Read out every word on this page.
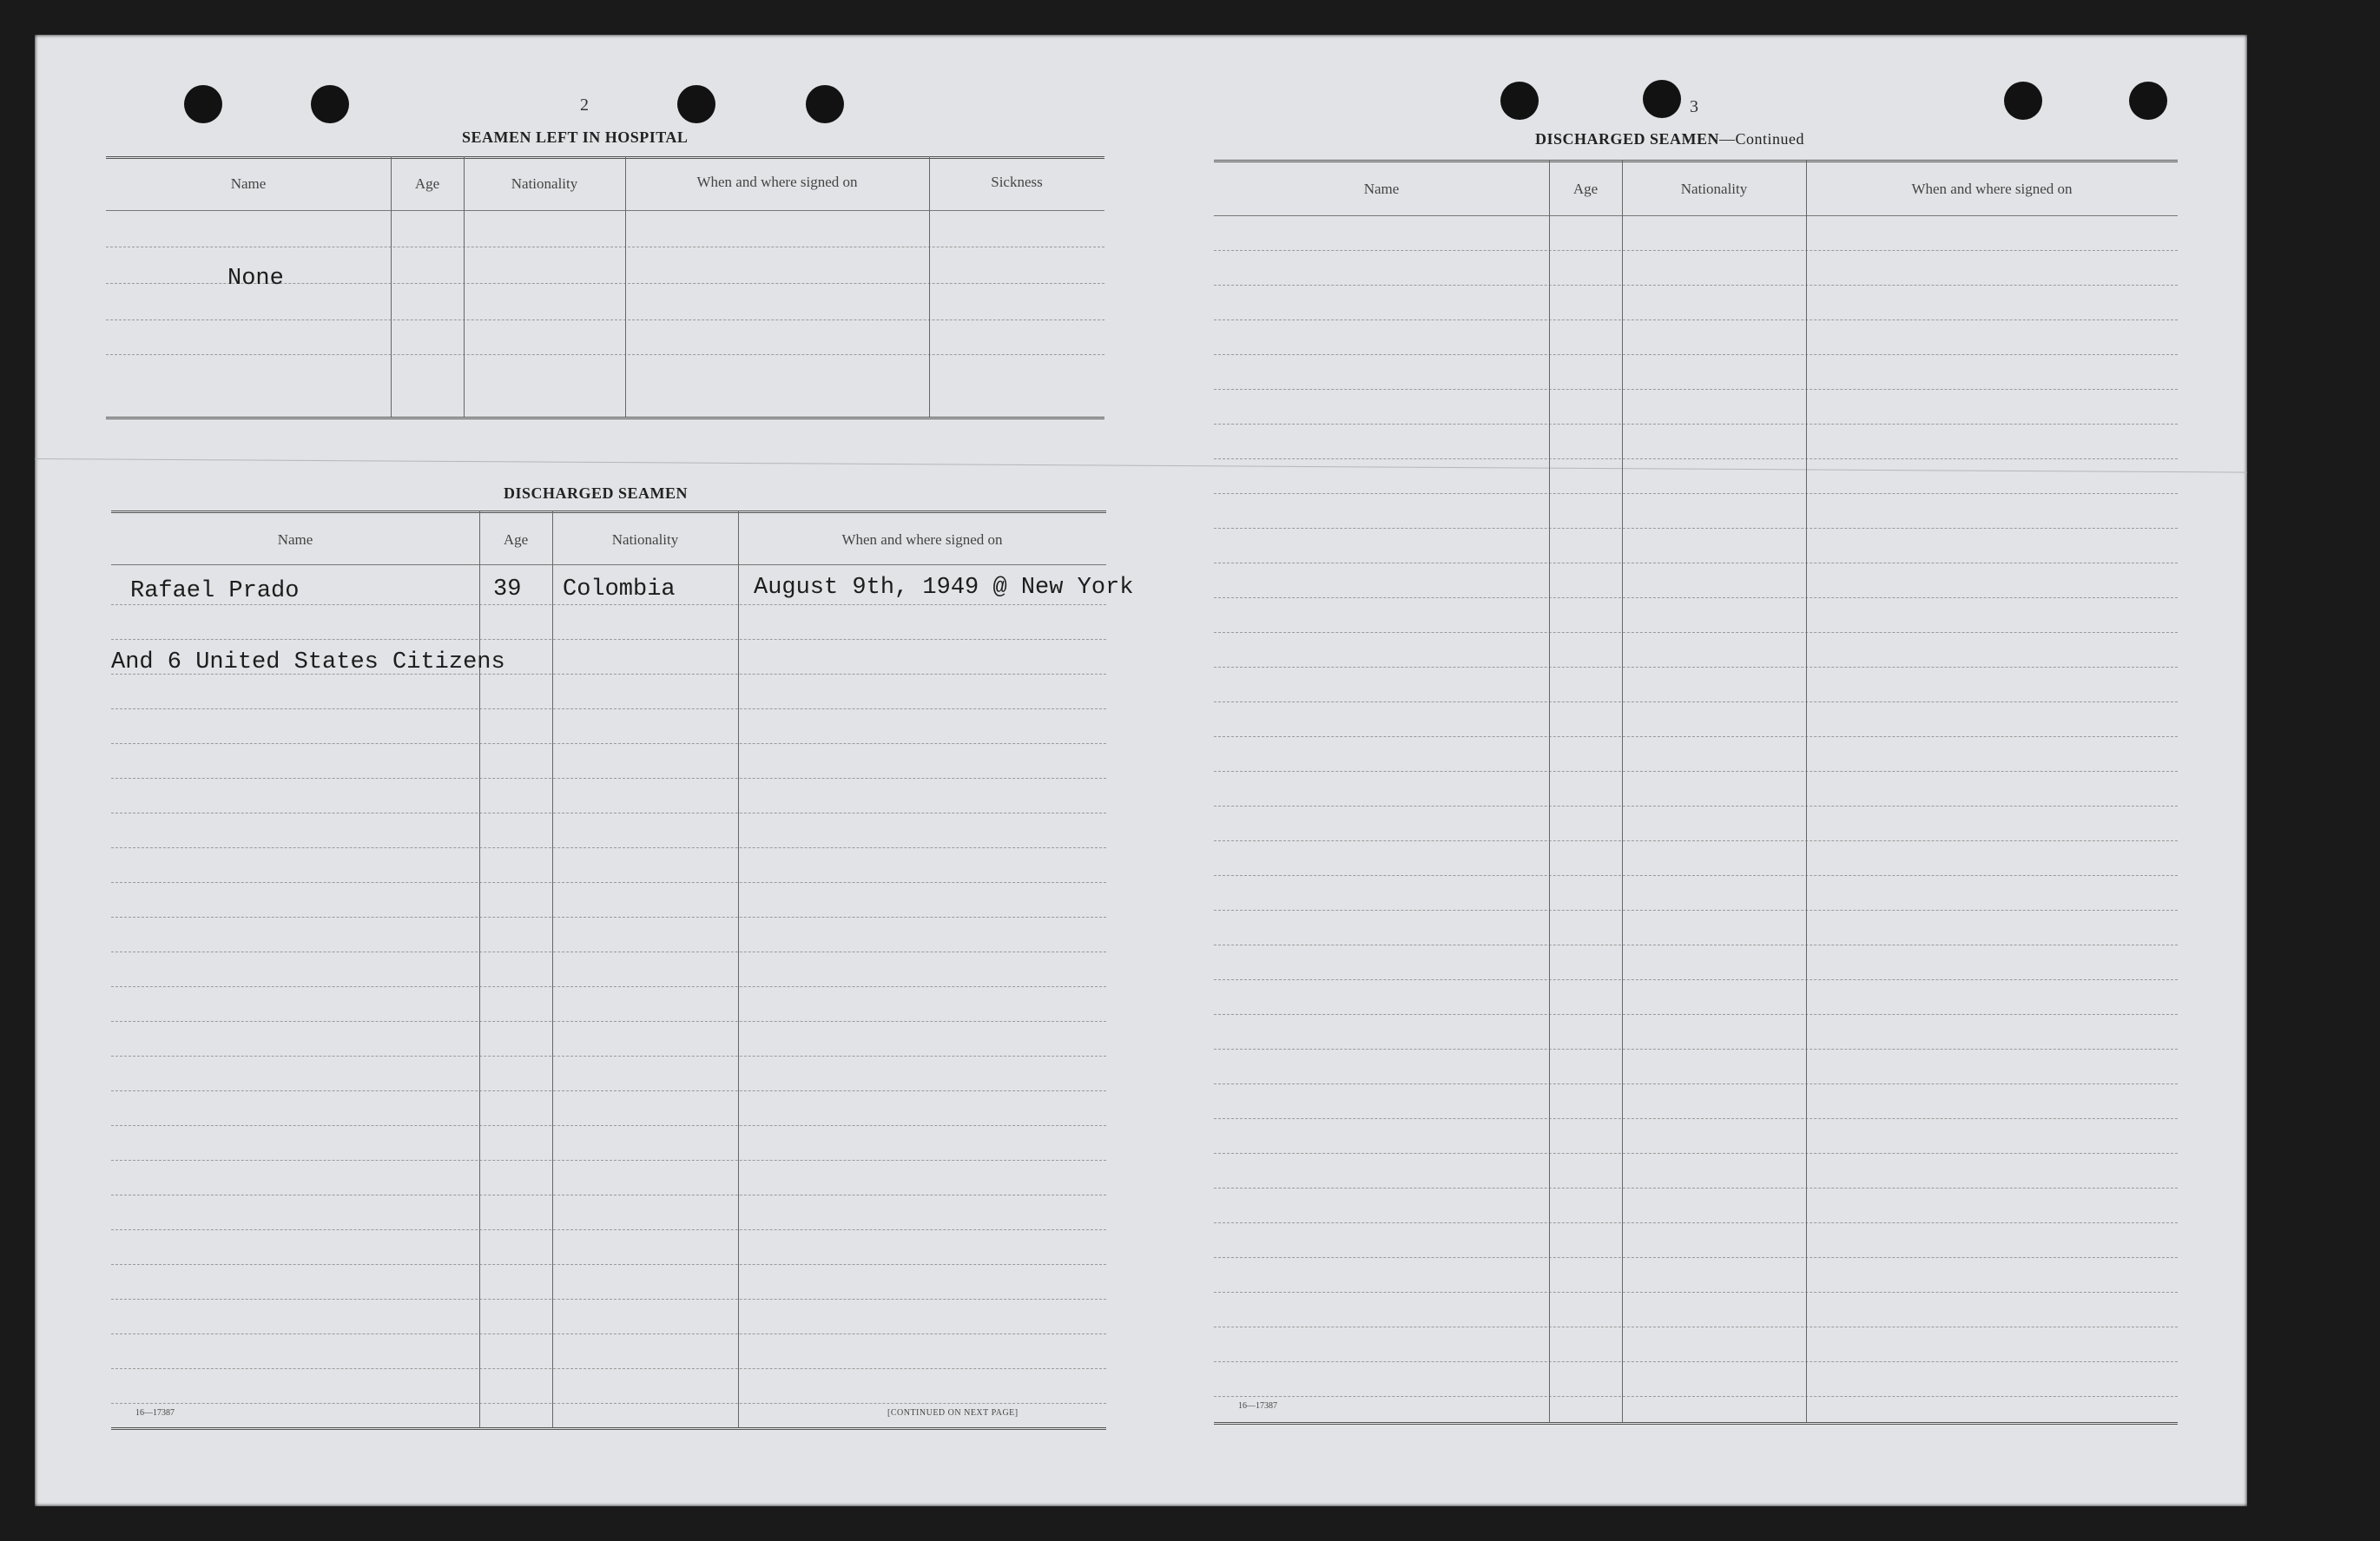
2
SEAMEN LEFT IN HOSPITAL
Name	Age	Nationality	When and where signed on	Sickness
None
DISCHARGED SEAMEN
Name	Age	Nationality	When and where signed on
Rafael Prado	39 Colombia	August 9th, 1949 @ New York
And 6 United States Citizens
16—17387	[CONTINUED ON NEXT PAGE]
3
DISCHARGED SEAMEN—Continued
Name	Age	Nationality	When and where signed on
16—17387
